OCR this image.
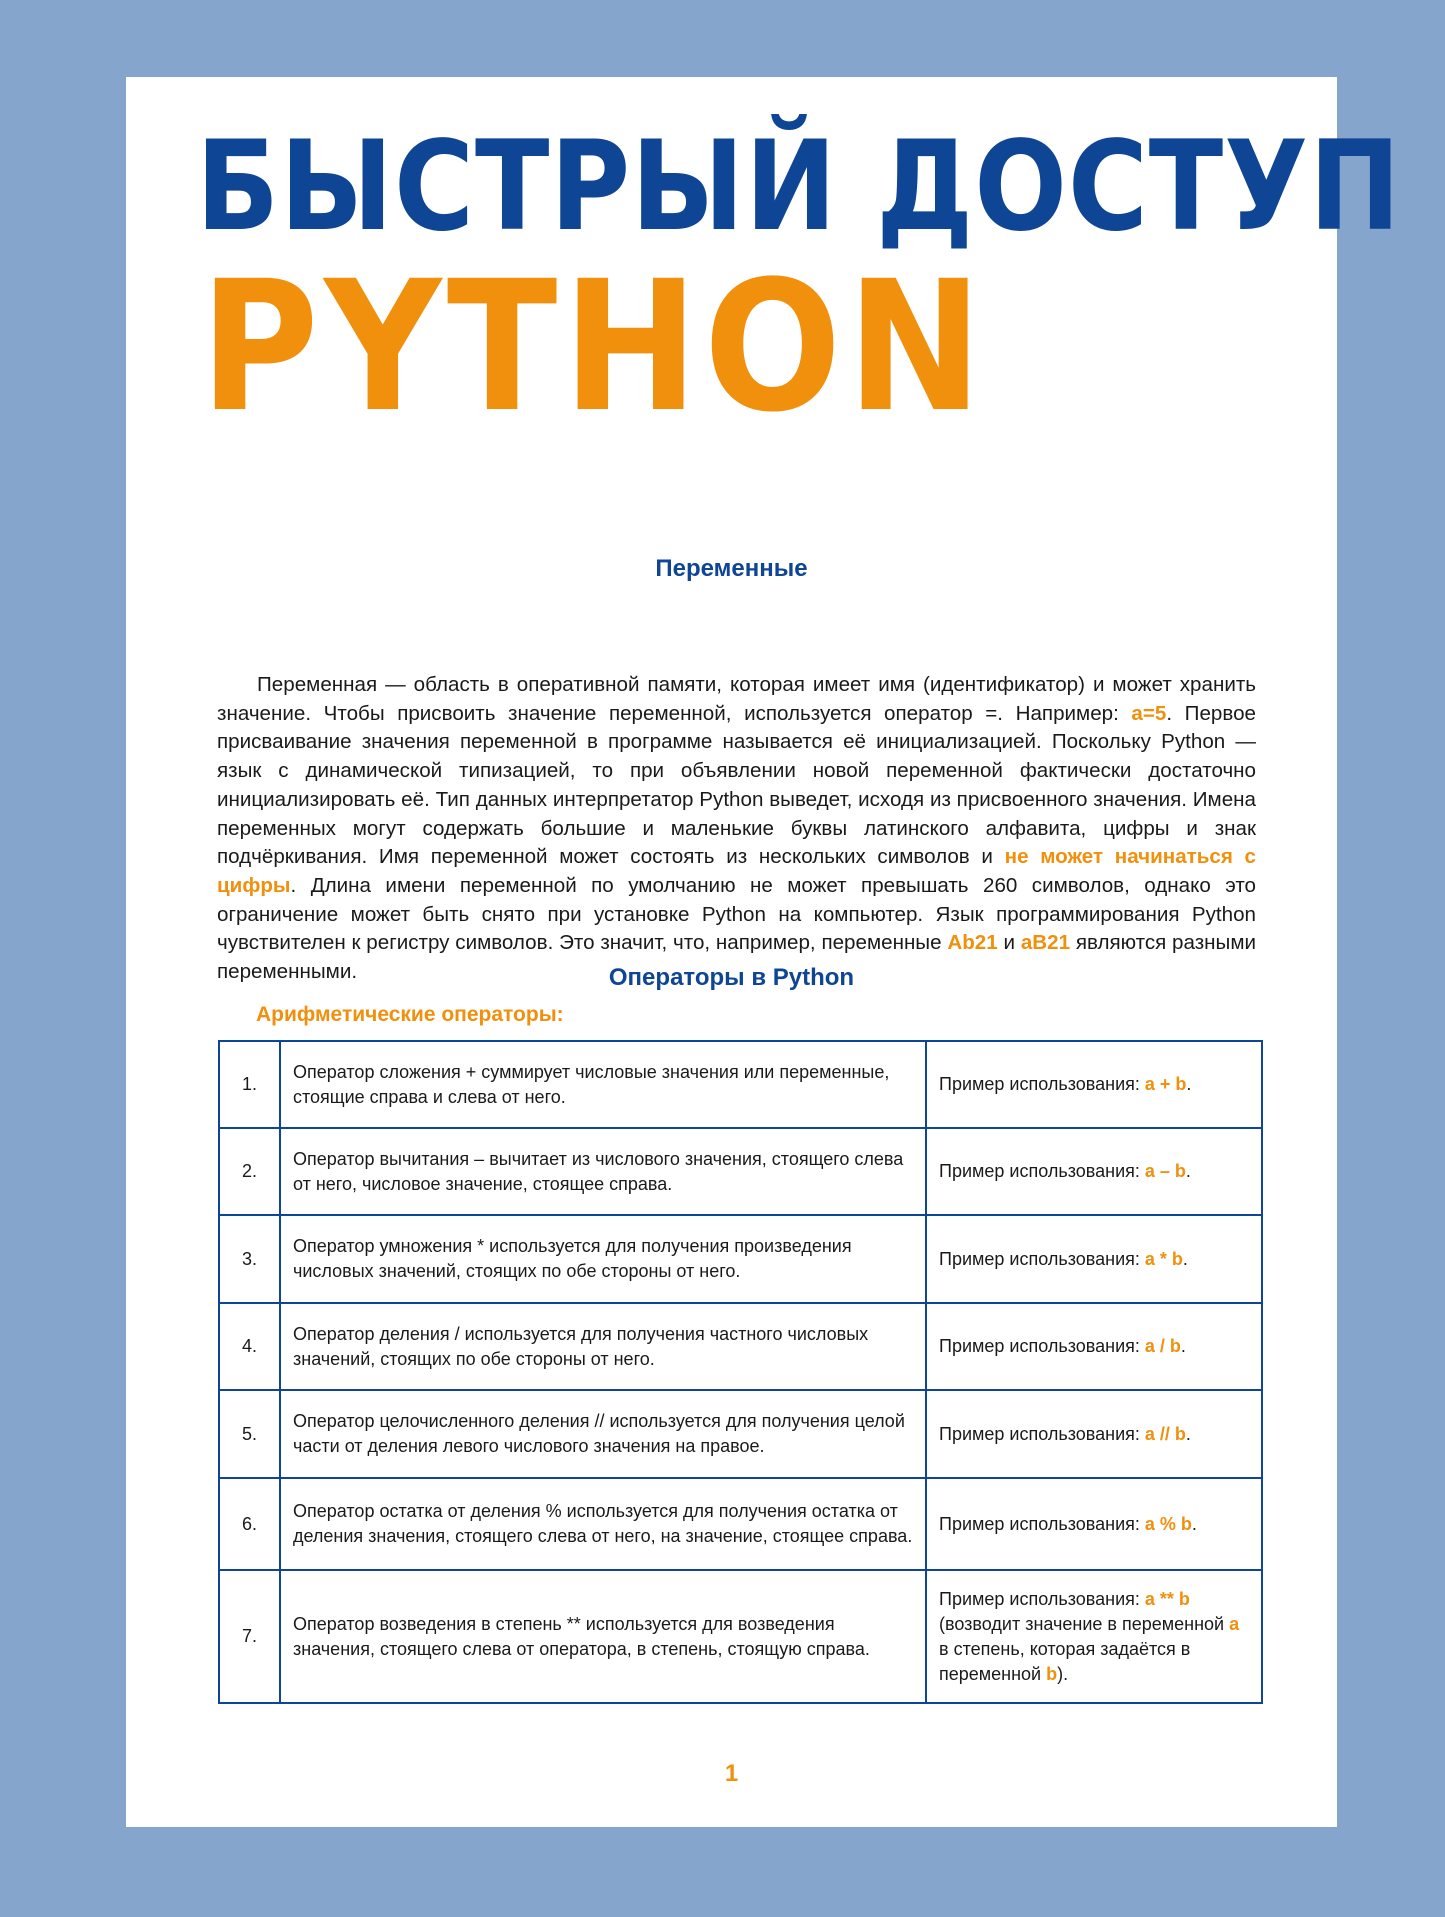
БЫСТРЫЙ ДОСТУП
PYTHON
Переменные

Переменная — область в оперативной памяти, которая имеет имя (идентификатор) и может хранить значение. Чтобы присвоить значение переменной, используется оператор =. Например: a=5. Первое присваивание значения переменной в программе называется её инициализацией. Поскольку Python — язык с динамической типизацией, то при объявлении новой переменной фактически достаточно инициализировать её. Тип данных интерпретатор Python выведет, исходя из присвоенного значения. Имена переменных могут содержать большие и маленькие буквы латинского алфавита, цифры и знак подчёркивания. Имя переменной может состоять из нескольких символов и не может начинаться с цифры. Длина имени переменной по умолчанию не может превышать 260 символов, однако это ограничение может быть снято при установке Python на компьютер. Язык программирования Python чувствителен к регистру символов. Это значит, что, например, переменные Ab21 и aB21 являются разными переменными.	Операторы в Python
Арифметические операторы:
1.	Оператор сложения + суммирует числовые значения или переменные, стоящие справа и слева от него.	Пример использования: a + b.
2.	Оператор вычитания – вычитает из числового значения, стоящего слева от него, числовое значение, стоящее справа.	Пример использования: a – b.
3.	Оператор умножения * используется для получения произведения числовых значений, стоящих по обе стороны от него.	Пример использования: a * b.
4.	Оператор деления / используется для получения частного числовых значений, стоящих по обе стороны от него.	Пример использования: a / b.
5.	Оператор целочисленного деления // используется для получения целой части от деления левого числового значения на правое.	Пример использования: a // b.
6.	Оператор остатка от деления % используется для получения остатка от деления значения, стоящего слева от него, на значение, стоящее справа.	Пример использования: a % b.
7.	Оператор возведения в степень ** используется для возведения значения, стоящего слева от оператора, в степень, стоящую справа.	Пример использования: a ** b (возводит значение в переменной a в степень, которая задаётся в переменной b).
1
